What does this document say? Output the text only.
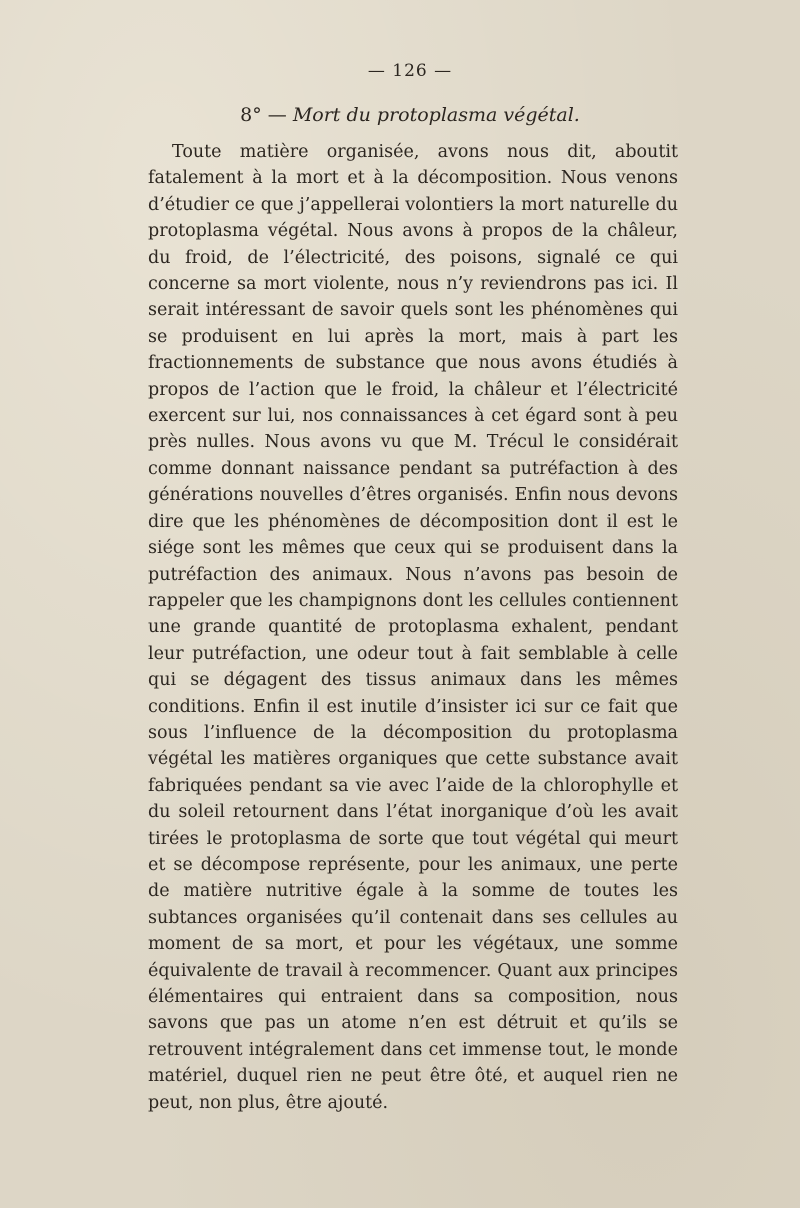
— 126 —
8° — Mort du protoplasma végétal.

Toute matière organisée, avons nous dit, aboutit fatalement à la mort et à la décomposition. Nous venons d’étudier ce que j’appellerai volontiers la mort naturelle du protoplasma végétal. Nous avons à propos de la châleur, du froid, de l’électricité, des poisons, signalé ce qui concerne sa mort violente, nous n’y reviendrons pas ici. Il serait intéressant de savoir quels sont les phénomènes qui se produisent en lui après la mort, mais à part les fractionnements de substance que nous avons étudiés à propos de l’action que le froid, la châleur et l’électricité exercent sur lui, nos connaissances à cet égard sont à peu près nulles. Nous avons vu que M. Trécul le considérait comme donnant naissance pendant sa putréfaction à des générations nouvelles d’êtres organisés. Enfin nous devons dire que les phénomènes de décomposition dont il est le siége sont les mêmes que ceux qui se produisent dans la putréfaction des animaux. Nous n’avons pas besoin de rappeler que les champignons dont les cellules contiennent une grande quantité de protoplasma exhalent, pendant leur putréfaction, une odeur tout à fait semblable à celle qui se dégagent des tissus animaux dans les mêmes conditions. Enfin il est inutile d’insister ici sur ce fait que sous l’influence de la décomposition du protoplasma végétal les matières organiques que cette substance avait fabriquées pendant sa vie avec l’aide de la chlorophylle et du soleil retournent dans l’état inorganique d’où les avait tirées le protoplasma de sorte que tout végétal qui meurt et se décompose représente, pour les animaux, une perte de matière nutritive égale à la somme de toutes les subtances organisées qu’il contenait dans ses cellules au moment de sa mort, et pour les végétaux, une somme équivalente de travail à recommencer. Quant aux principes élémentaires qui entraient dans sa composition, nous savons que pas un atome n’en est détruit et qu’ils se retrouvent intégralement dans cet immense tout, le monde matériel, duquel rien ne peut être ôté, et auquel rien ne peut, non plus, être ajouté.
